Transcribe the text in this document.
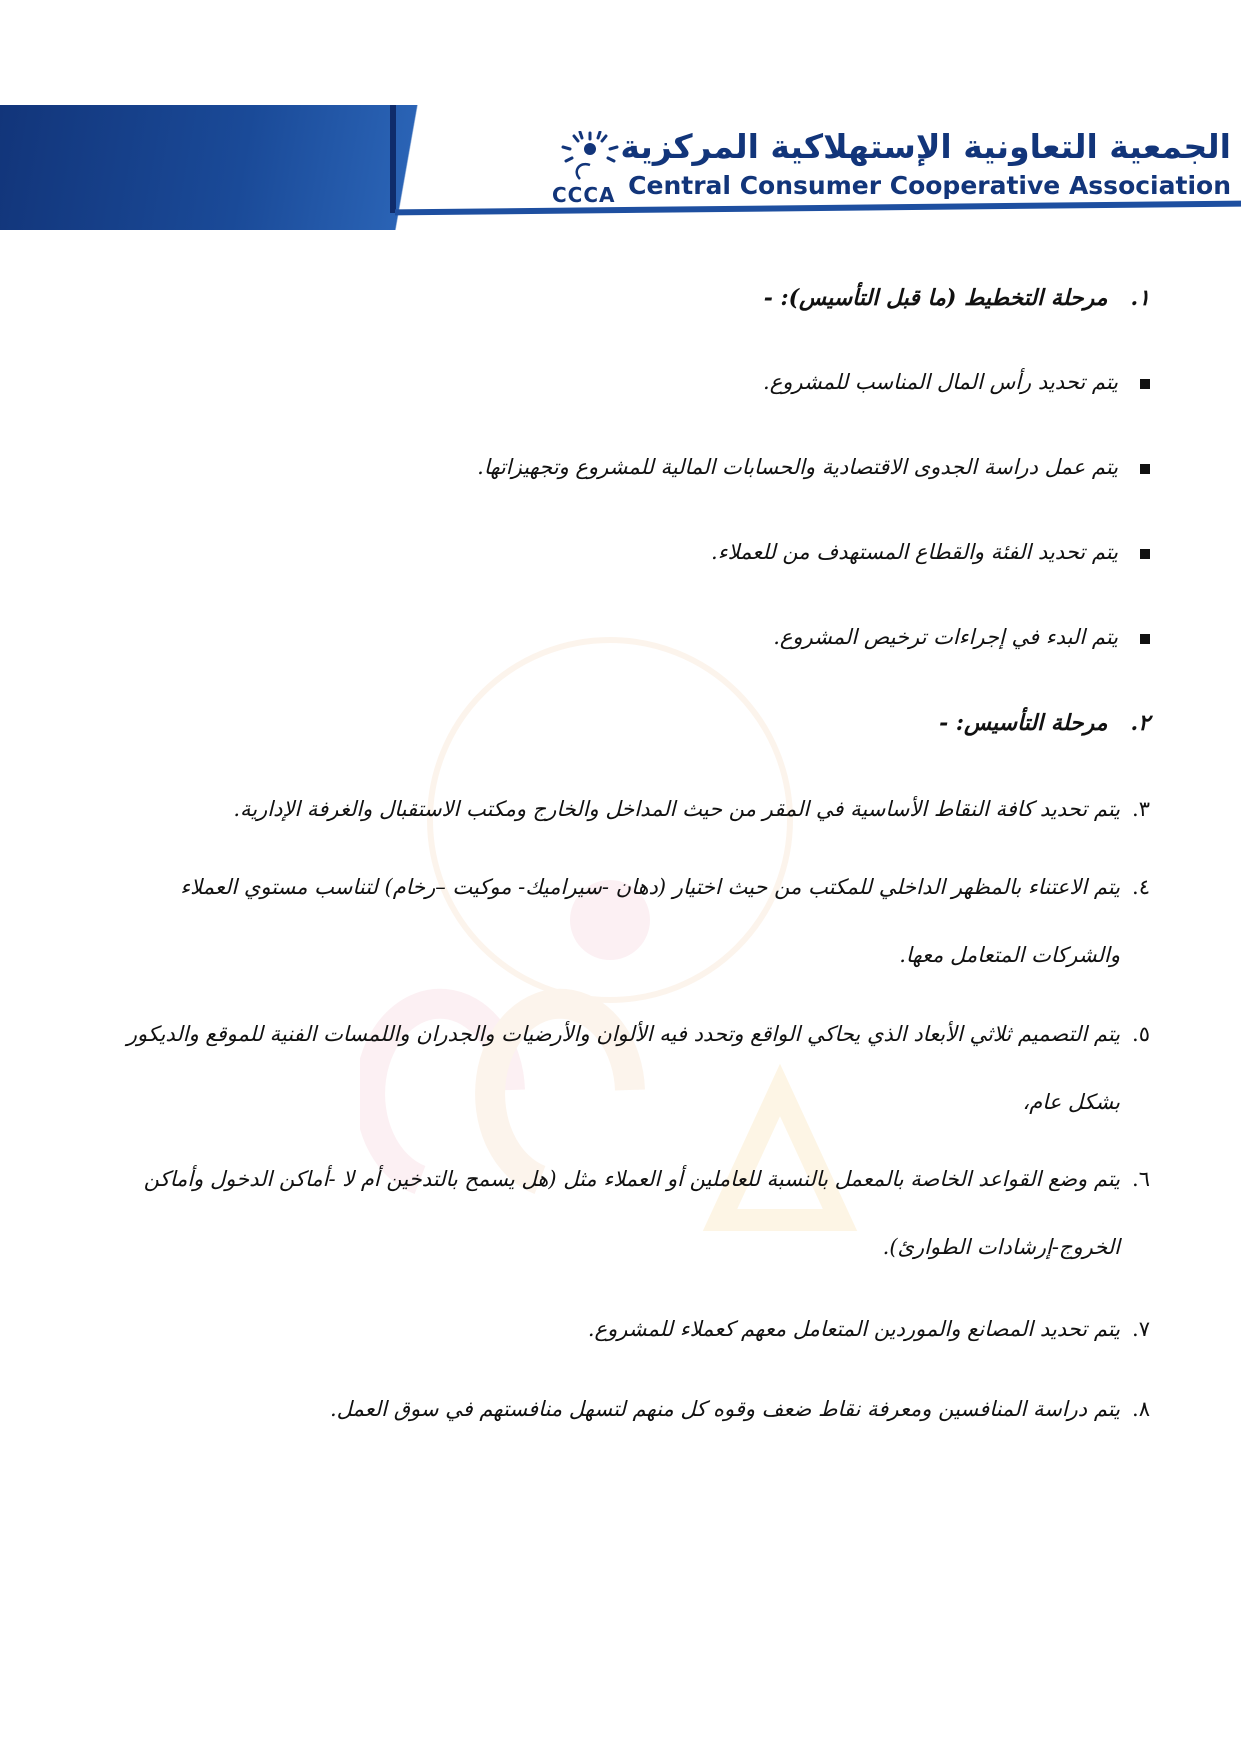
CCCA
الجمعية التعاونية الإستهلاكية المركزية
Central Consumer Cooperative Association
١.   مرحلة التخطيط (ما قبل التأسيس): -
يتم تحديد رأس المال المناسب للمشروع.
يتم عمل دراسة الجدوى الاقتصادية والحسابات المالية للمشروع وتجهيزاتها.
يتم تحديد الفئة والقطاع المستهدف من للعملاء.
يتم البدء في إجراءات ترخيص المشروع.
٢.   مرحلة التأسيس: -
٣.يتم تحديد كافة النقاط الأساسية في المقر من حيث المداخل والخارج ومكتب الاستقبال والغرفة الإدارية.
٤.يتم الاعتناء بالمظهر الداخلي للمكتب من حيث اختيار (دهان -سيراميك- موكيت –رخام) لتناسب مستوي العملاء
والشركات المتعامل معها.
٥.يتم التصميم ثلاثي الأبعاد الذي يحاكي الواقع وتحدد فيه الألوان والأرضيات والجدران واللمسات الفنية للموقع والديكور
بشكل عام،
٦.يتم وضع القواعد الخاصة بالمعمل بالنسبة للعاملين أو العملاء مثل (هل يسمح بالتدخين أم لا -أماكن الدخول وأماكن
الخروج-إرشادات الطوارئ).
٧.يتم تحديد المصانع والموردين المتعامل معهم كعملاء للمشروع.
٨.يتم دراسة المنافسين ومعرفة نقاط ضعف وقوه كل منهم لتسهل منافستهم في سوق العمل.
